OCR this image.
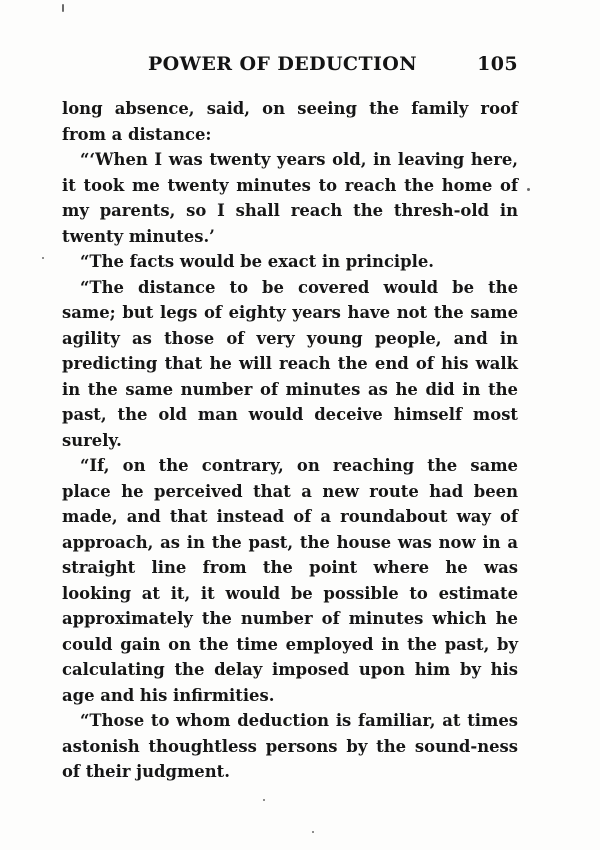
POWER OF DEDUCTION	105

long absence, said, on seeing the family roof from a distance:

“‘When I was twenty years old, in leaving here, it took me twenty minutes to reach the home of my parents, so I shall reach the thresh-old in twenty minutes.’

“The facts would be exact in principle.

“The distance to be covered would be the same; but legs of eighty years have not the same agility as those of very young people, and in predicting that he will reach the end of his walk in the same number of minutes as he did in the past, the old man would deceive himself most surely.

“If, on the contrary, on reaching the same place he perceived that a new route had been made, and that instead of a roundabout way of approach, as in the past, the house was now in a straight line from the point where he was looking at it, it would be possible to estimate approximately the number of minutes which he could gain on the time employed in the past, by calculating the delay imposed upon him by his age and his infirmities.

“Those to whom deduction is familiar, at times astonish thoughtless persons by the sound-ness of their judgment.
